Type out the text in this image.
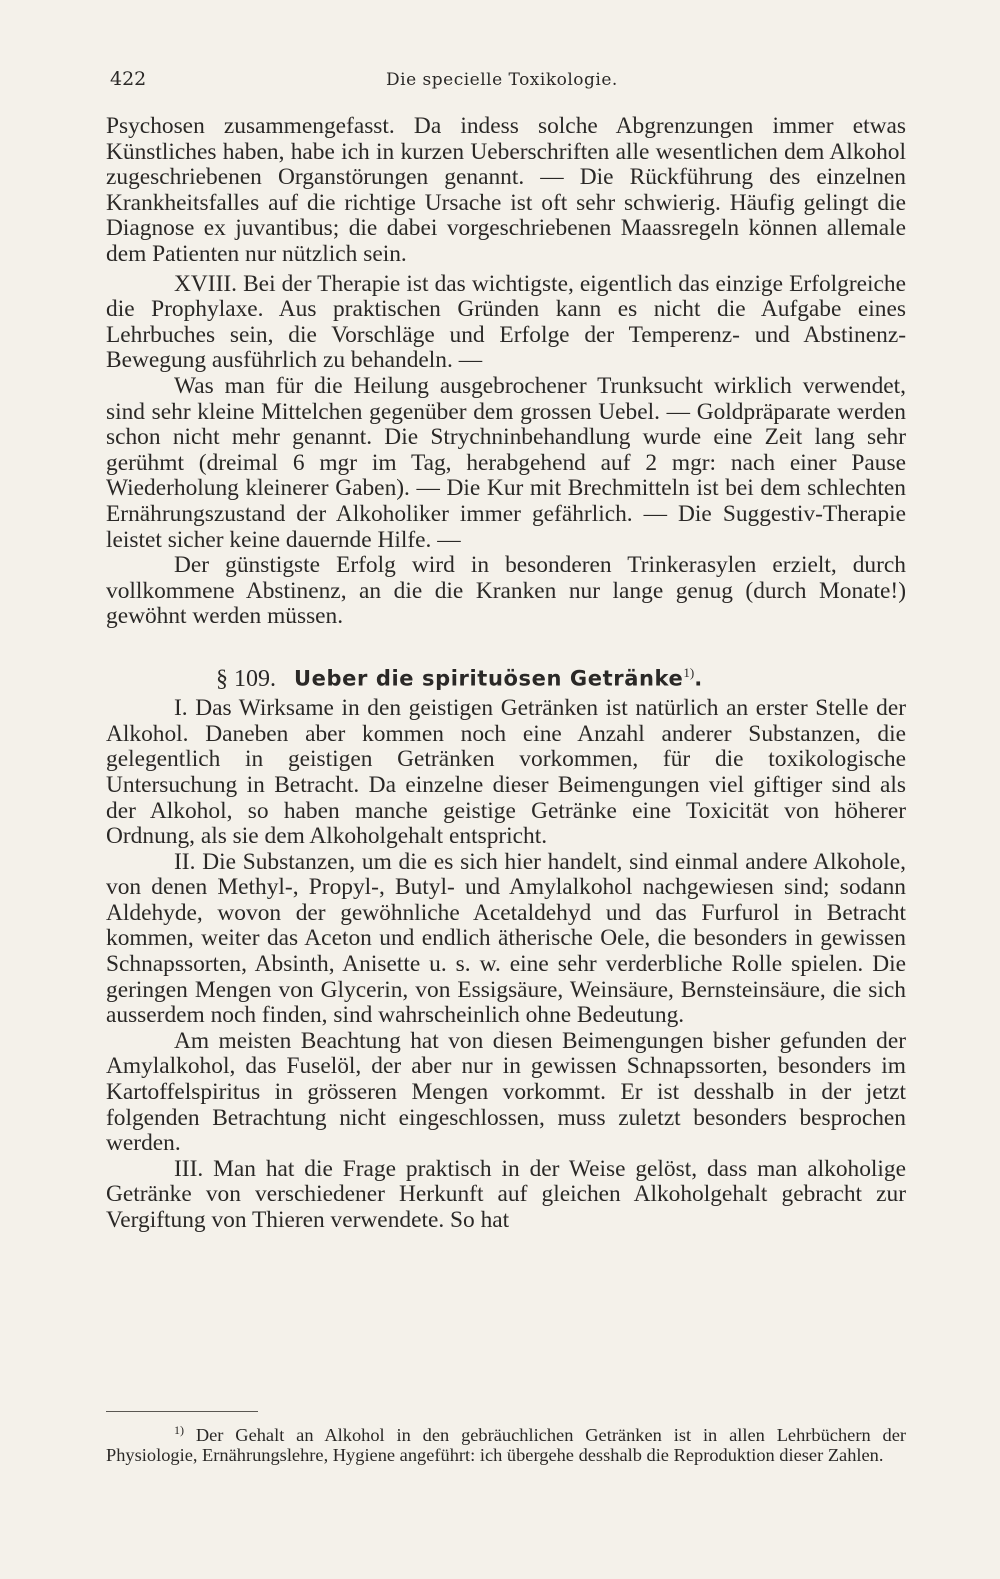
422	Die specielle Toxikologie.

Psychosen zusammengefasst. Da indess solche Abgrenzungen immer etwas Künstliches haben, habe ich in kurzen Ueberschriften alle wesentlichen dem Alkohol zugeschriebenen Organstörungen genannt. — Die Rückführung des einzelnen Krankheitsfalles auf die richtige Ursache ist oft sehr schwierig. Häufig gelingt die Diagnose ex juvantibus; die dabei vorgeschriebenen Maassregeln können allemale dem Patienten nur nützlich sein.

XVIII. Bei der Therapie ist das wichtigste, eigentlich das einzige Erfolgreiche die Prophylaxe. Aus praktischen Gründen kann es nicht die Aufgabe eines Lehrbuches sein, die Vorschläge und Erfolge der Temperenz- und Abstinenz-Bewegung ausführlich zu behandeln. —

Was man für die Heilung ausgebrochener Trunksucht wirklich verwendet, sind sehr kleine Mittelchen gegenüber dem grossen Uebel. — Goldpräparate werden schon nicht mehr genannt. Die Strychninbehandlung wurde eine Zeit lang sehr gerühmt (dreimal 6 mgr im Tag, herabgehend auf 2 mgr: nach einer Pause Wiederholung kleinerer Gaben). — Die Kur mit Brechmitteln ist bei dem schlechten Ernährungszustand der Alkoholiker immer gefährlich. — Die Suggestiv-Therapie leistet sicher keine dauernde Hilfe. —

Der günstigste Erfolg wird in besonderen Trinkerasylen erzielt, durch vollkommene Abstinenz, an die die Kranken nur lange genug (durch Monate!) gewöhnt werden müssen.

§ 109. Ueber die spirituösen Getränke$^{1)}$.

I. Das Wirksame in den geistigen Getränken ist natürlich an erster Stelle der Alkohol. Daneben aber kommen noch eine Anzahl anderer Substanzen, die gelegentlich in geistigen Getränken vorkommen, für die toxikologische Untersuchung in Betracht. Da einzelne dieser Beimengungen viel giftiger sind als der Alkohol, so haben manche geistige Getränke eine Toxicität von höherer Ordnung, als sie dem Alkoholgehalt entspricht.

II. Die Substanzen, um die es sich hier handelt, sind einmal andere Alkohole, von denen Methyl-, Propyl-, Butyl- und Amylalkohol nachgewiesen sind; sodann Aldehyde, wovon der gewöhnliche Acetaldehyd und das Furfurol in Betracht kommen, weiter das Aceton und endlich ätherische Oele, die besonders in gewissen Schnapssorten, Absinth, Anisette u. s. w. eine sehr verderbliche Rolle spielen. Die geringen Mengen von Glycerin, von Essigsäure, Weinsäure, Bernsteinsäure, die sich ausserdem noch finden, sind wahrscheinlich ohne Bedeutung.

Am meisten Beachtung hat von diesen Beimengungen bisher gefunden der Amylalkohol, das Fuselöl, der aber nur in gewissen Schnapssorten, besonders im Kartoffelspiritus in grösseren Mengen vorkommt. Er ist desshalb in der jetzt folgenden Betrachtung nicht eingeschlossen, muss zuletzt besonders besprochen werden.

III. Man hat die Frage praktisch in der Weise gelöst, dass man alkoholige Getränke von verschiedener Herkunft auf gleichen Alkoholgehalt gebracht zur Vergiftung von Thieren verwendete. So hat

$^{1)}$ Der Gehalt an Alkohol in den gebräuchlichen Getränken ist in allen Lehrbüchern der Physiologie, Ernährungslehre, Hygiene angeführt: ich übergehe desshalb die Reproduktion dieser Zahlen.
